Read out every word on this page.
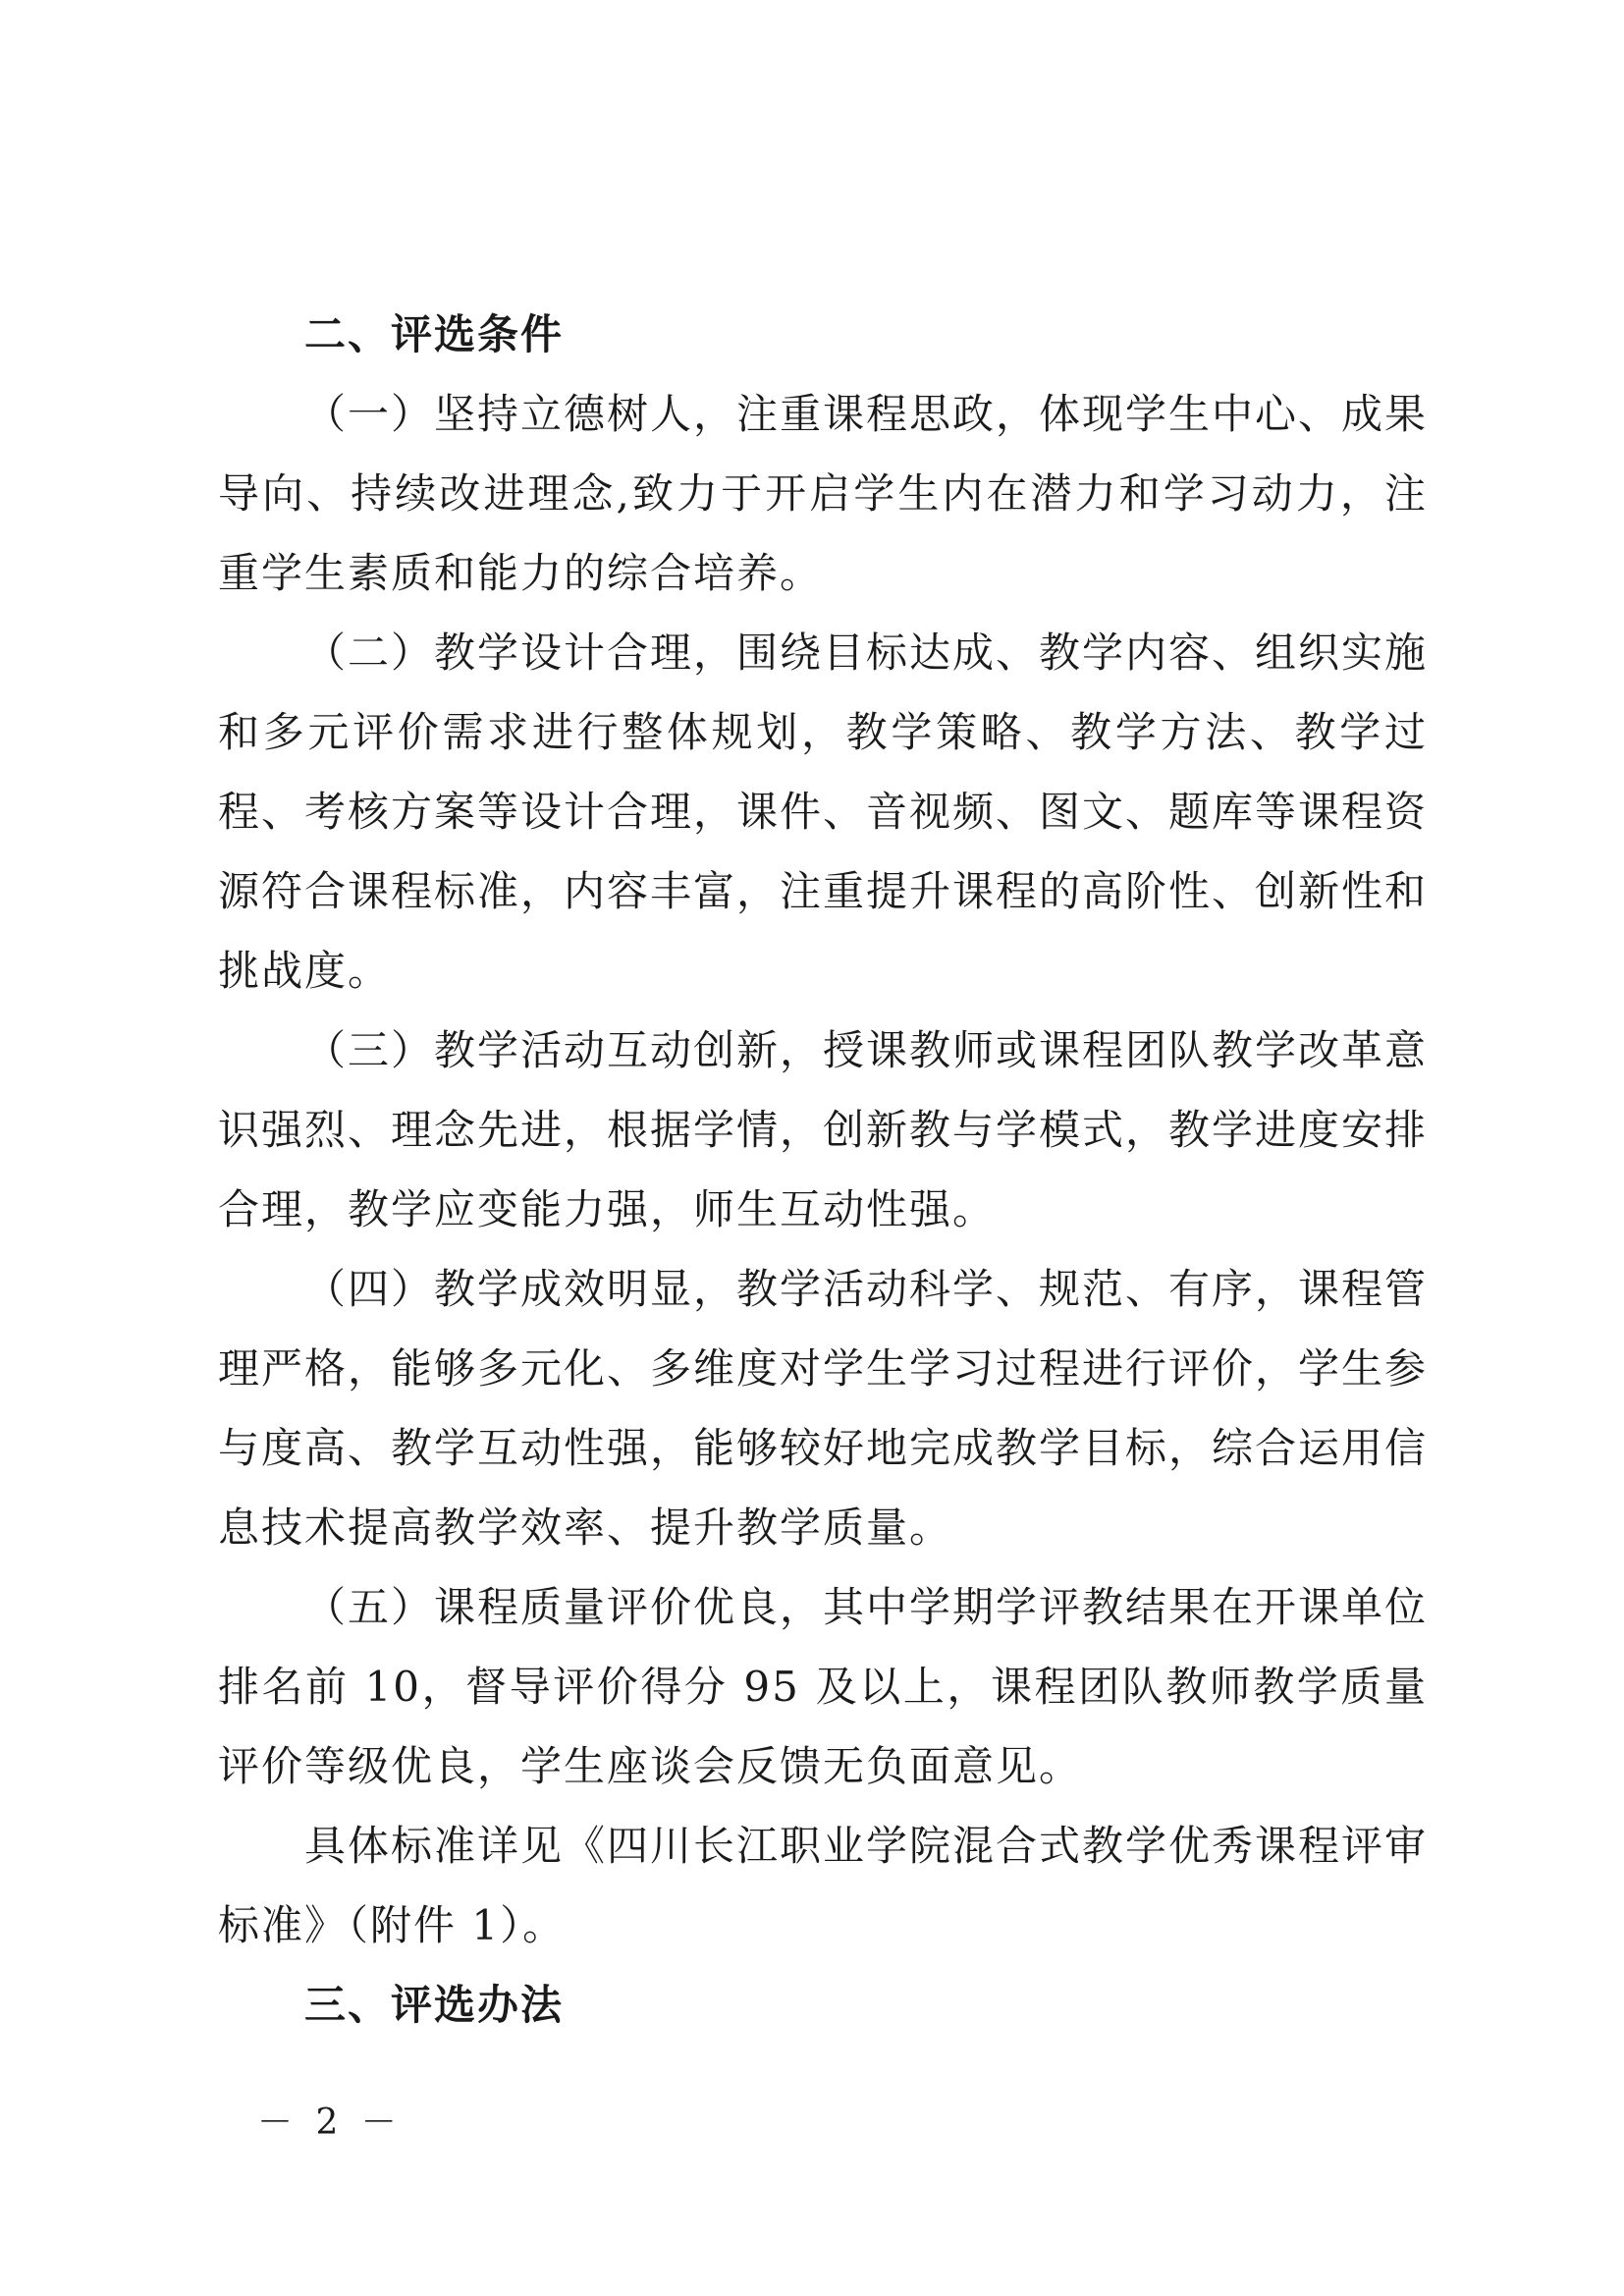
二、评选条件

（一）坚持立德树人，注重课程思政，体现学生中心、成果导向、持续改进理念,致力于开启学生内在潜力和学习动力，注重学生素质和能力的综合培养。

（二）教学设计合理，围绕目标达成、教学内容、组织实施和多元评价需求进行整体规划，教学策略、教学方法、教学过程、考核方案等设计合理，课件、音视频、图文、题库等课程资源符合课程标准，内容丰富，注重提升课程的高阶性、创新性和挑战度。

（三）教学活动互动创新，授课教师或课程团队教学改革意识强烈、理念先进，根据学情，创新教与学模式，教学进度安排合理，教学应变能力强，师生互动性强。

（四）教学成效明显，教学活动科学、规范、有序，课程管理严格，能够多元化、多维度对学生学习过程进行评价，学生参与度高、教学互动性强，能够较好地完成教学目标，综合运用信息技术提高教学效率、提升教学质量。

（五）课程质量评价优良，其中学期学评教结果在开课单位排名前 10，督导评价得分 95 及以上，课程团队教师教学质量评价等级优良，学生座谈会反馈无负面意见。

具体标准详见《四川长江职业学院混合式教学优秀课程评审标准》（附件 1）。

三、评选办法
－ 2 －
